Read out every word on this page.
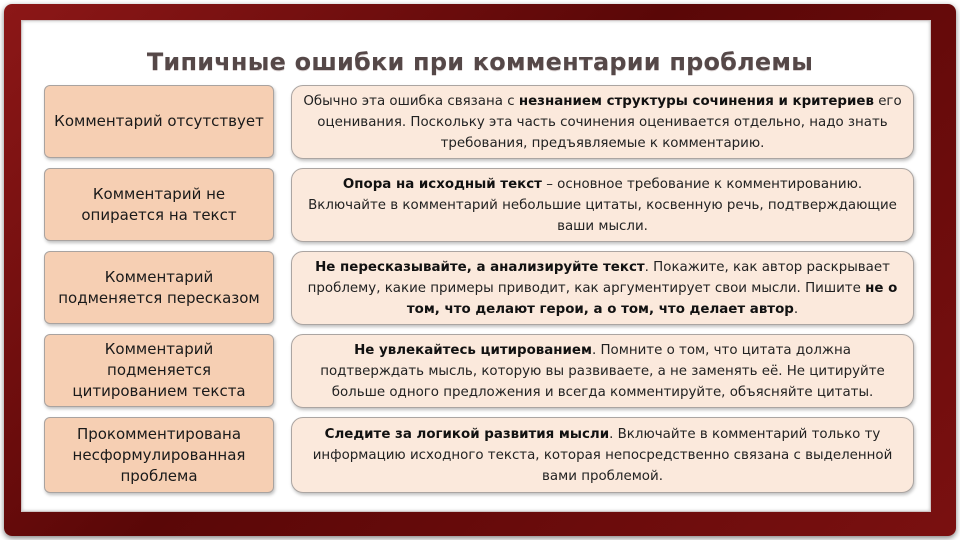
Типичные ошибки при комментарии проблемы
Комментарий отсутствует

Обычно эта ошибка связана с незнанием структуры сочинения и критериев его оценивания. Поскольку эта часть сочинения оценивается отдельно, надо знать требования, предъявляемые к комментарию.

Комментарий не опирается на текст

Опора на исходный текст – основное требование к комментированию. Включайте в комментарий небольшие цитаты, косвенную речь, подтверждающие ваши мысли.

Комментарий подменяется пересказом

Не пересказывайте, а анализируйте текст. Покажите, как автор раскрывает проблему, какие примеры приводит, как аргументирует свои мысли. Пишите не о том, что делают герои, а о том, что делает автор.

Комментарий подменяется цитированием текста

Не увлекайтесь цитированием. Помните о том, что цитата должна подтверждать мысль, которую вы развиваете, а не заменять её. Не цитируйте больше одного предложения и всегда комментируйте, объясняйте цитаты.

Прокомментирована несформулированная проблема

Следите за логикой развития мысли. Включайте в комментарий только ту информацию исходного текста, которая непосредственно связана с выделенной вами проблемой.
